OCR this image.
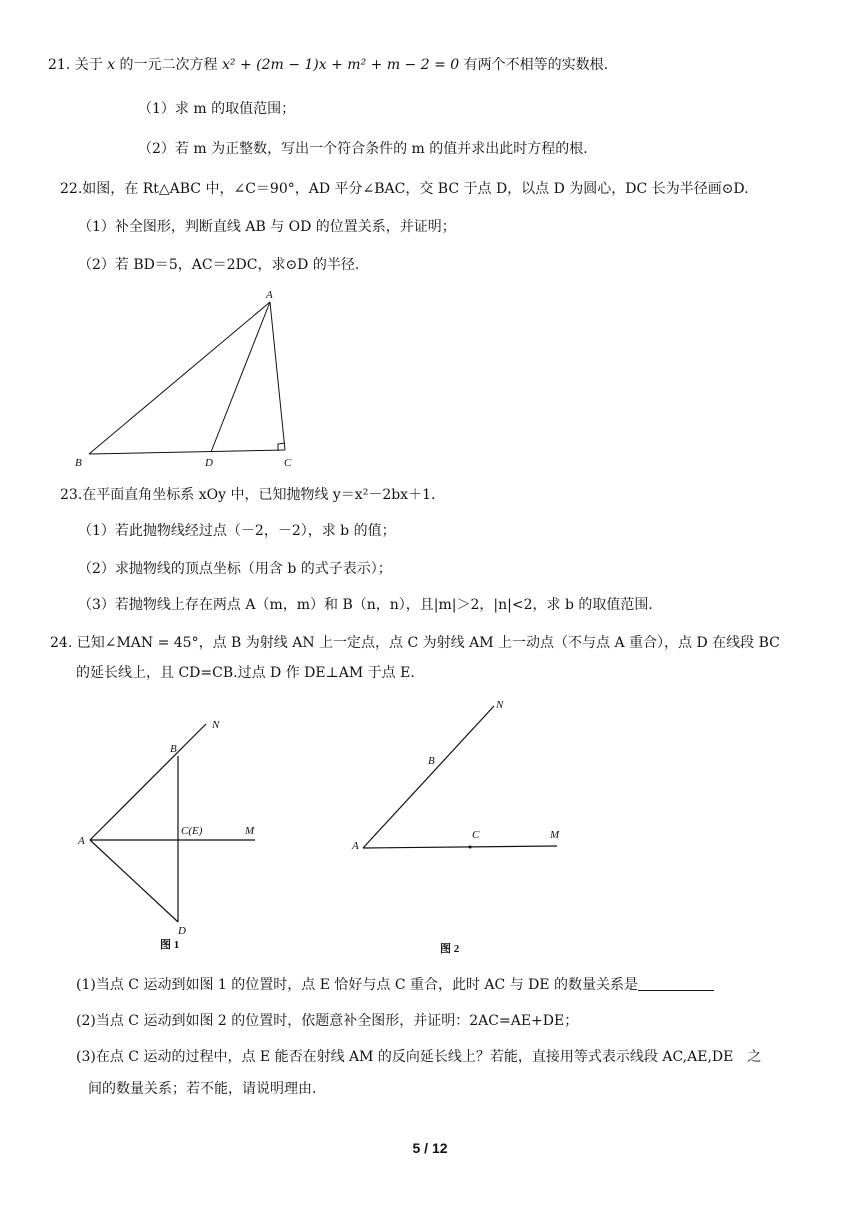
21. 关于 x 的一元二次方程 x² + (2m − 1)x + m² + m − 2 = 0 有两个不相等的实数根.
（1）求 m 的取值范围；
（2）若 m 为正整数，写出一个符合条件的 m 的值并求出此时方程的根.
22.如图，在 Rt△ABC 中，∠C＝90°，AD 平分∠BAC，交 BC 于点 D，以点 D 为圆心，DC 长为半径画⊙D.
（1）补全图形，判断直线 AB 与 OD 的位置关系，并证明；
（2）若 BD＝5，AC＝2DC，求⊙D 的半径.
A
B	D	C
23.在平面直角坐标系 xOy 中，已知抛物线 y＝x²－2bx＋1.
（1）若此抛物线经过点（－2，－2），求 b 的值；
（2）求抛物线的顶点坐标（用含 b 的式子表示）；
（3）若抛物线上存在两点 A（m，m）和 B（n，n），且|m|＞2，|n|<2，求 b 的取值范围.
24. 已知∠MAN = 45°，点 B 为射线 AN 上一定点，点 C 为射线 AM 上一动点（不与点 A 重合），点 D 在线段 BC
的延长线上，且 CD=CB.过点 D 作 DE⊥AM 于点 E.
N
B
A
C(E)	M
D
图 1
N
B
A
C	M
图 2
(1)当点 C 运动到如图 1 的位置时，点 E 恰好与点 C 重合，此时 AC 与 DE 的数量关系是
(2)当点 C 运动到如图 2 的位置时，依题意补全图形，并证明：2AC=AE+DE；
(3)在点 C 运动的过程中，点 E 能否在射线 AM 的反向延长线上？若能，直接用等式表示线段 AC,AE,DE　之
间的数量关系；若不能，请说明理由.
5 / 12
